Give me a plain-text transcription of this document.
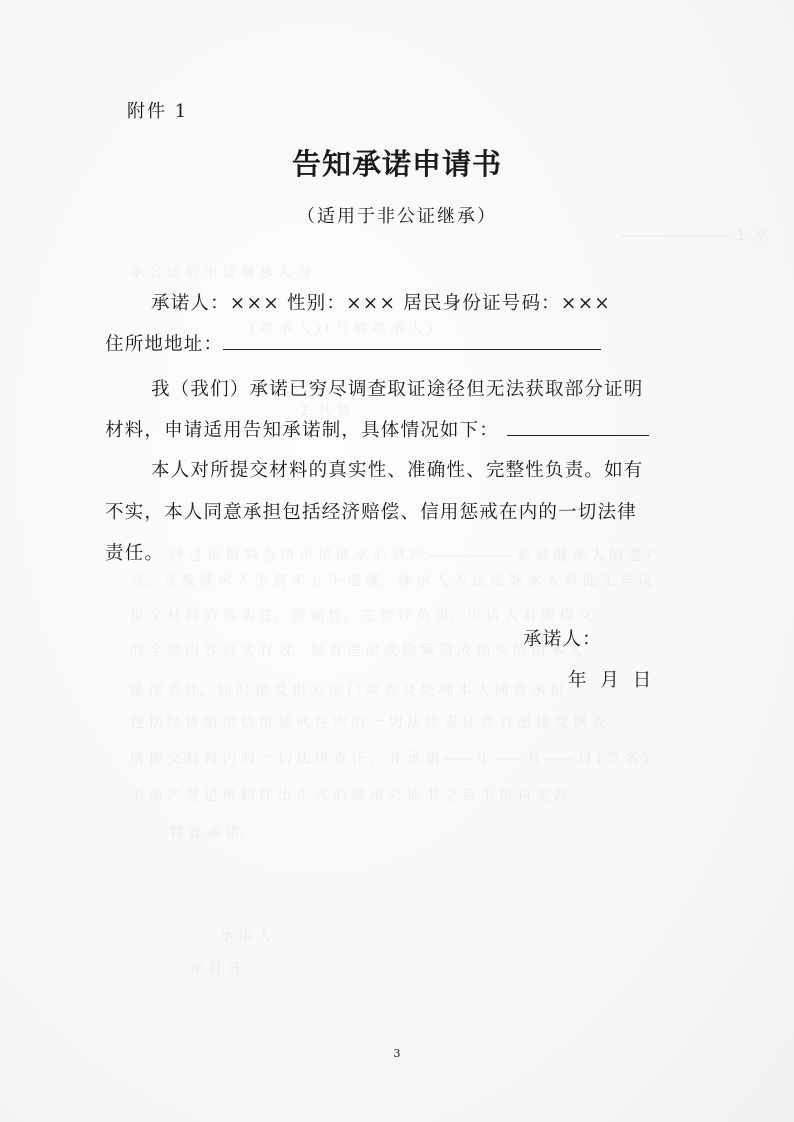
———————— 1. 承
承 公 证 的 申 请 继 承 人 为：
( 继 承 人 ) ( 与 被 继 承 人 )
2. 其 他：
经 过 审 慎 调 查 所 申 请 继 承 的 财 产 —————— 系 被 继 承 人 的 遗 产
言， 且 被 继 承 人 生 前 未 立 下 遗 嘱， 继 承 人 为 法 定 继 承 人 对 此 无 异 议
提 交 材 料 的 真 实 性、 准 确 性、 完 整 性 负 责， 申 请 人 对 所 提 交
的 全 部 内 容 真 实 有 效， 如 有 遗 漏 或 隐 瞒 造 成 损 失 的 由 本 人
法 律 责 任， 同 时 接 受 相 关 部 门 调 查 及 处 理 本 人 同 意 承 担
包 括 经 济 赔 偿 信 用 惩 戒 在 内 的 一 切 法 律 责 任 并 自 愿 接 受 调 查
所 提 交 材 料 内 的 一 切 法 律 责 任 ， 并 承 诺 —— 年 —— 月 —— 日 ( 签 名 )
不 动 产 登 记 机 构 作 出 正 式 的 继 承 公 证 书 之 后 不 得 再 更 改
特 此 承 诺。
承 诺 人：
年 月 日
附件 1
告知承诺申请书
（适用于非公证继承）
承诺人：××× 性别：××× 居民身份证号码：×××
住所地地址：
我（我们）承诺已穷尽调查取证途径但无法获取部分证明
材料，申请适用告知承诺制，具体情况如下：
本人对所提交材料的真实性、准确性、完整性负责。如有
不实，本人同意承担包括经济赔偿、信用惩戒在内的一切法律
责任。
承诺人：
年 月 日
3
